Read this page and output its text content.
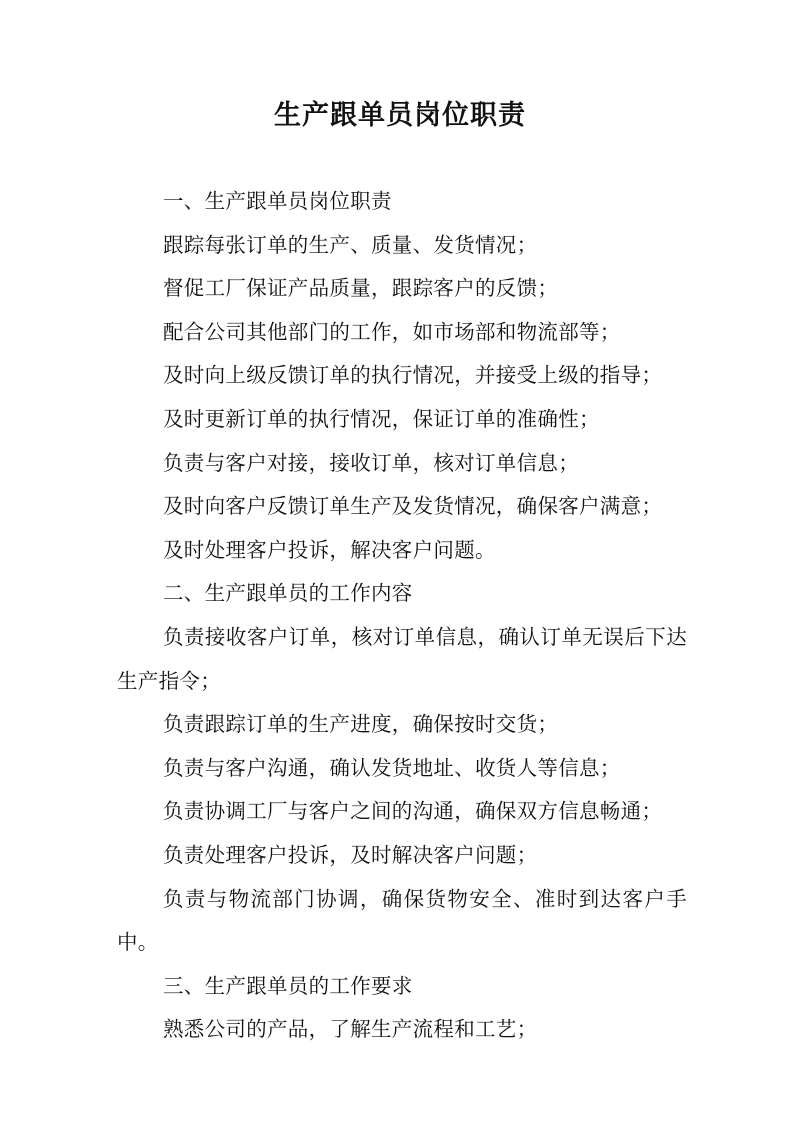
生产跟单员岗位职责

一、生产跟单员岗位职责

跟踪每张订单的生产、质量、发货情况；

督促工厂保证产品质量，跟踪客户的反馈；

配合公司其他部门的工作，如市场部和物流部等；

及时向上级反馈订单的执行情况，并接受上级的指导；

及时更新订单的执行情况，保证订单的准确性；

负责与客户对接，接收订单，核对订单信息；

及时向客户反馈订单生产及发货情况，确保客户满意；

及时处理客户投诉，解决客户问题。

二、生产跟单员的工作内容

负责接收客户订单，核对订单信息，确认订单无误后下达生产指令；

负责跟踪订单的生产进度，确保按时交货；

负责与客户沟通，确认发货地址、收货人等信息；

负责协调工厂与客户之间的沟通，确保双方信息畅通；

负责处理客户投诉，及时解决客户问题；

负责与物流部门协调，确保货物安全、准时到达客户手中。

三、生产跟单员的工作要求

熟悉公司的产品，了解生产流程和工艺；
